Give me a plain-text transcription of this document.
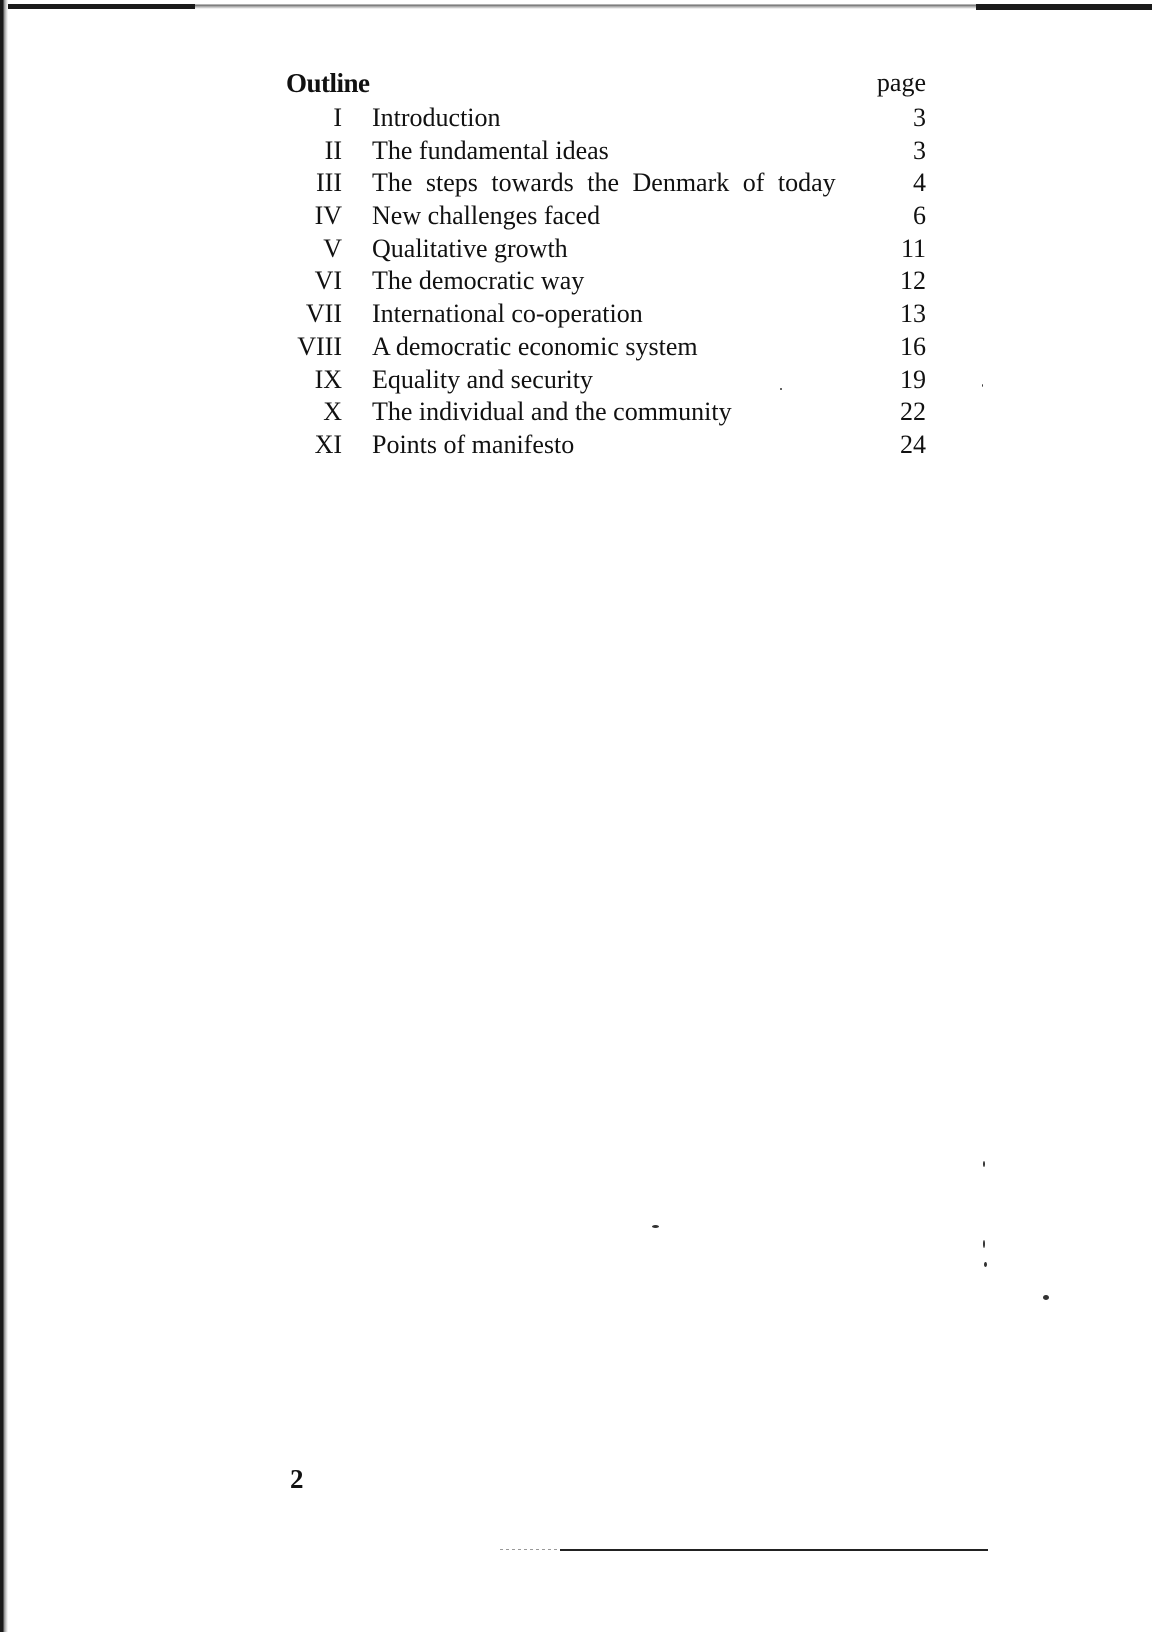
Outline	page
I Introduction	3
II The fundamental ideas	3
III The steps towards the Denmark of today	4
IV New challenges faced	6
V Qualitative growth	11
VI The democratic way	12
VII International co-operation	13
VIII A democratic economic system	16
IX Equality and security	19
X The individual and the community	22
XI Points of manifesto	24
2
